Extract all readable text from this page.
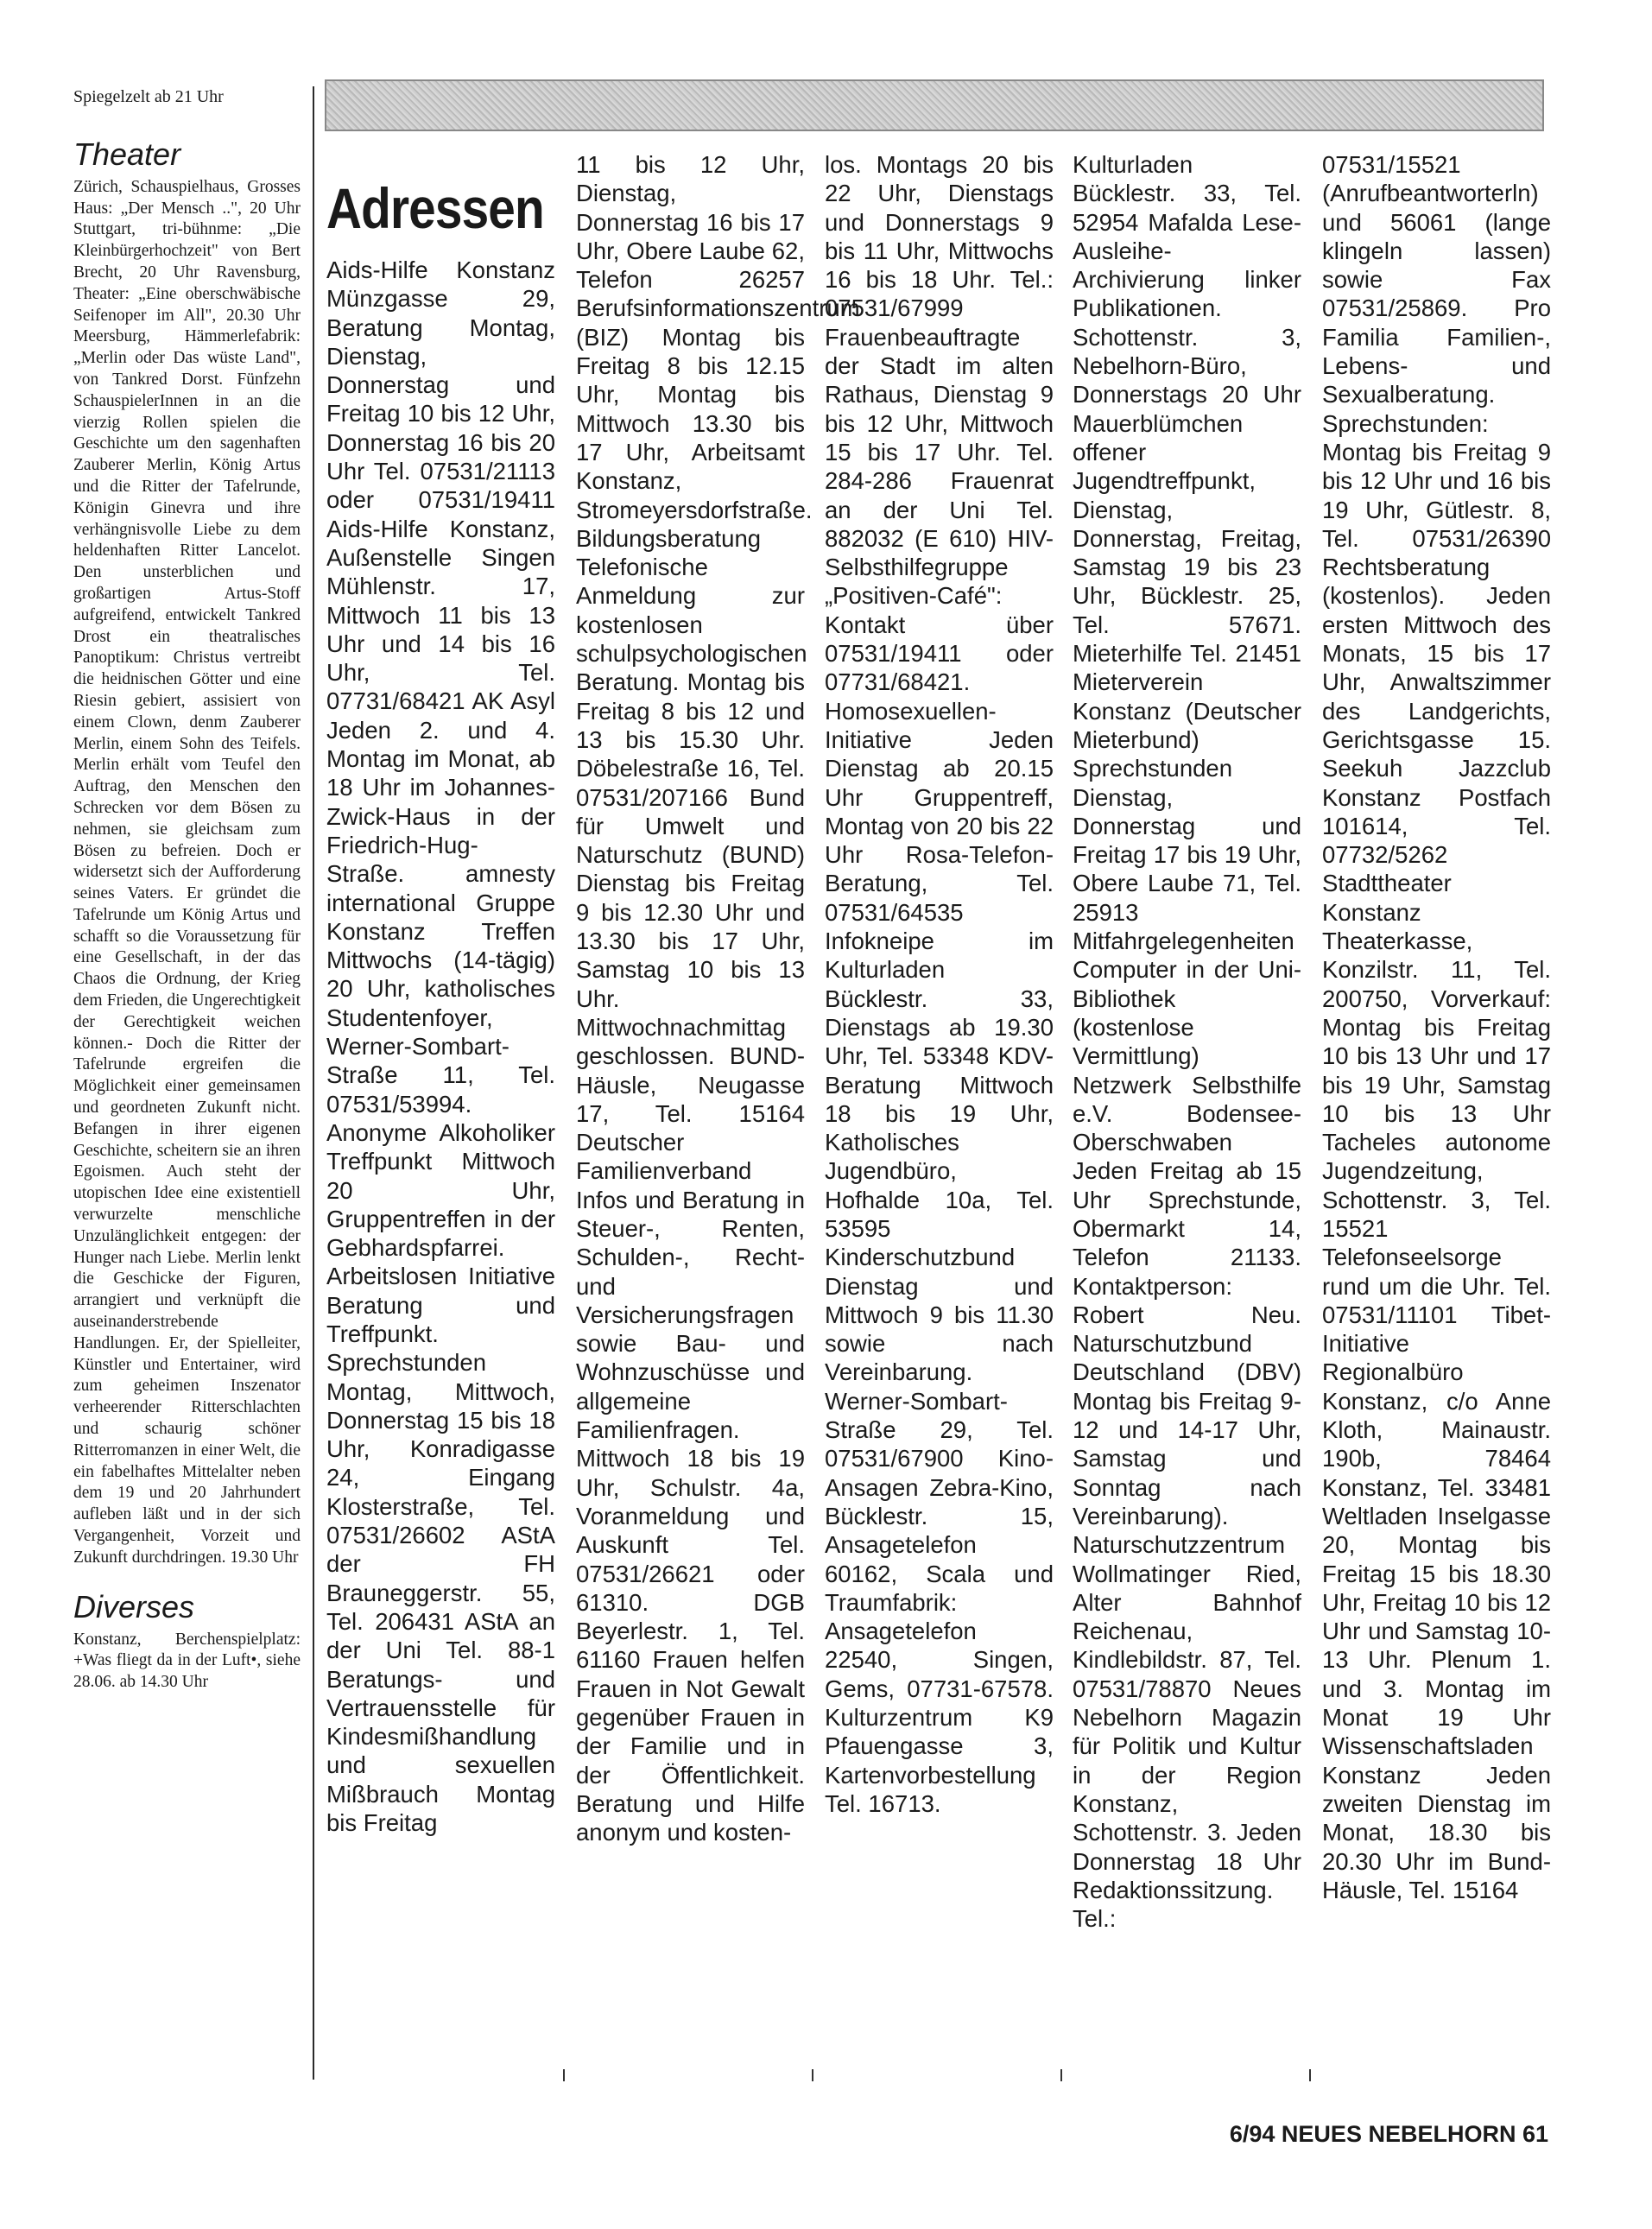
Spiegelzelt ab 21 Uhr
Theater

Zürich, Schauspielhaus, Grosses Haus: „Der Mensch ..", 20 Uhr Stuttgart, tri-bühnme: „Die Kleinbürgerhochzeit" von Bert Brecht, 20 Uhr Ravensburg, Theater: „Eine oberschwäbische Seifenoper im All", 20.30 Uhr Meersburg, Hämmerlefabrik: „Merlin oder Das wüste Land", von Tankred Dorst. Fünfzehn SchauspielerInnen in an die vierzig Rollen spielen die Geschichte um den sagenhaften Zauberer Merlin, König Artus und die Ritter der Tafelrunde, Königin Ginevra und ihre verhängnisvolle Liebe zu dem heldenhaften Ritter Lancelot. Den unsterblichen und großartigen Artus-Stoff aufgreifend, entwickelt Tankred Drost ein theatralisches Panoptikum: Christus vertreibt die heidnischen Götter und eine Riesin gebiert, assisiert von einem Clown, denm Zauberer Merlin, einem Sohn des Teifels. Merlin erhält vom Teufel den Auftrag, den Menschen den Schrecken vor dem Bösen zu nehmen, sie gleichsam zum Bösen zu befreien. Doch er widersetzt sich der Aufforderung seines Vaters. Er gründet die Tafelrunde um König Artus und schafft so die Voraussetzung für eine Gesellschaft, in der das Chaos die Ordnung, der Krieg dem Frieden, die Ungerechtigkeit der Gerechtigkeit weichen können.- Doch die Ritter der Tafelrunde ergreifen die Möglichkeit einer gemeinsamen und geordneten Zukunft nicht. Befangen in ihrer eigenen Geschichte, scheitern sie an ihren Egoismen. Auch steht der utopischen Idee eine existentiell verwurzelte menschliche Unzulänglichkeit entgegen: der Hunger nach Liebe. Merlin lenkt die Geschicke der Figuren, arrangiert und verknüpft die auseinanderstrebende Handlungen. Er, der Spielleiter, Künstler und Entertainer, wird zum geheimen Inszenator verheerender Ritterschlachten und schaurig schöner Ritterromanzen in einer Welt, die ein fabelhaftes Mittelalter neben dem 19 und 20 Jahrhundert aufleben läßt und in der sich Vergangenheit, Vorzeit und Zukunft durchdringen. 19.30 Uhr

Diverses

Konstanz, Berchenspielplatz: +Was fliegt da in der Luft•, siehe 28.06. ab 14.30 Uhr

Adressen

Aids-Hilfe Konstanz Münzgasse 29, Beratung Montag, Dienstag, Donnerstag und Freitag 10 bis 12 Uhr, Donnerstag 16 bis 20 Uhr Tel. 07531/21113 oder 07531/19411 Aids-Hilfe Konstanz, Außenstelle Singen Mühlenstr. 17, Mittwoch 11 bis 13 Uhr und 14 bis 16 Uhr, Tel. 07731/68421 AK Asyl Jeden 2. und 4. Montag im Monat, ab 18 Uhr im Johannes-Zwick-Haus in der Friedrich-Hug-Straße. amnesty international Gruppe Konstanz Treffen Mittwochs (14-tägig) 20 Uhr, katholisches Studentenfoyer, Werner-Sombart-Straße 11, Tel. 07531/53994. Anonyme Alkoholiker Treffpunkt Mittwoch 20 Uhr, Gruppentreffen in der Gebhardspfarrei. Arbeitslosen Initiative Beratung und Treffpunkt. Sprechstunden Montag, Mittwoch, Donnerstag 15 bis 18 Uhr, Konradigasse 24, Eingang Klosterstraße, Tel. 07531/26602 AStA der FH Brauneggerstr. 55, Tel. 206431 AStA an der Uni Tel. 88-1 Beratungs- und Vertrauensstelle für Kindesmißhandlung und sexuellen Mißbrauch Montag bis Freitag

11 bis 12 Uhr, Dienstag, Donnerstag 16 bis 17 Uhr, Obere Laube 62, Telefon 26257 Berufsinformationszentrum (BIZ) Montag bis Freitag 8 bis 12.15 Uhr, Montag bis Mittwoch 13.30 bis 17 Uhr, Arbeitsamt Konstanz, Stromeyersdorfstraße. Bildungsberatung Telefonische Anmeldung zur kostenlosen schulpsychologischen Beratung. Montag bis Freitag 8 bis 12 und 13 bis 15.30 Uhr. Döbelestraße 16, Tel. 07531/207166 Bund für Umwelt und Naturschutz (BUND) Dienstag bis Freitag 9 bis 12.30 Uhr und 13.30 bis 17 Uhr, Samstag 10 bis 13 Uhr. Mittwochnachmittag geschlossen. BUND-Häusle, Neugasse 17, Tel. 15164 Deutscher Familienverband Infos und Beratung in Steuer-, Renten, Schulden-, Recht- und Versicherungsfragen sowie Bau- und Wohnzuschüsse und allgemeine Familienfragen. Mittwoch 18 bis 19 Uhr, Schulstr. 4a, Voranmeldung und Auskunft Tel. 07531/26621 oder 61310. DGB Beyerlestr. 1, Tel. 61160 Frauen helfen Frauen in Not Gewalt gegenüber Frauen in der Familie und in der Öffentlichkeit. Beratung und Hilfe anonym und kosten-

los. Montags 20 bis 22 Uhr, Dienstags und Donnerstags 9 bis 11 Uhr, Mittwochs 16 bis 18 Uhr. Tel.: 07531/67999 Frauenbeauftragte der Stadt im alten Rathaus, Dienstag 9 bis 12 Uhr, Mittwoch 15 bis 17 Uhr. Tel. 284-286 Frauenrat an der Uni Tel. 882032 (E 610) HIV-Selbsthilfegruppe „Positiven-Café": Kontakt über 07531/19411 oder 07731/68421. Homosexuellen-Initiative Jeden Dienstag ab 20.15 Uhr Gruppentreff, Montag von 20 bis 22 Uhr Rosa-Telefon-Beratung, Tel. 07531/64535 Infokneipe im Kulturladen Bücklestr. 33, Dienstags ab 19.30 Uhr, Tel. 53348 KDV-Beratung Mittwoch 18 bis 19 Uhr, Katholisches Jugendbüro, Hofhalde 10a, Tel. 53595 Kinderschutzbund Dienstag und Mittwoch 9 bis 11.30 sowie nach Vereinbarung. Werner-Sombart-Straße 29, Tel. 07531/67900 Kino-Ansagen Zebra-Kino, Bücklestr. 15, Ansagetelefon 60162, Scala und Traumfabrik: Ansagetelefon 22540, Singen, Gems, 07731-67578. Kulturzentrum K9 Pfauengasse 3, Kartenvorbestellung Tel. 16713.

Kulturladen Bücklestr. 33, Tel. 52954 Mafalda Lese-Ausleihe-Archivierung linker Publikationen. Schottenstr. 3, Nebelhorn-Büro, Donnerstags 20 Uhr Mauerblümchen offener Jugendtreffpunkt, Dienstag, Donnerstag, Freitag, Samstag 19 bis 23 Uhr, Bücklestr. 25, Tel. 57671. Mieterhilfe Tel. 21451 Mieterverein Konstanz (Deutscher Mieterbund) Sprechstunden Dienstag, Donnerstag und Freitag 17 bis 19 Uhr, Obere Laube 71, Tel. 25913 Mitfahrgelegenheiten Computer in der Uni-Bibliothek (kostenlose Vermittlung) Netzwerk Selbsthilfe e.V. Bodensee-Oberschwaben Jeden Freitag ab 15 Uhr Sprechstunde, Obermarkt 14, Telefon 21133. Kontaktperson: Robert Neu. Naturschutzbund Deutschland (DBV) Montag bis Freitag 9-12 und 14-17 Uhr, Samstag und Sonntag nach Vereinbarung). Naturschutzzentrum Wollmatinger Ried, Alter Bahnhof Reichenau, Kindlebildstr. 87, Tel. 07531/78870 Neues Nebelhorn Magazin für Politik und Kultur in der Region Konstanz, Schottenstr. 3. Jeden Donnerstag 18 Uhr Redaktionssitzung. Tel.:

07531/15521 (Anrufbeantworterln) und 56061 (lange klingeln lassen) sowie Fax 07531/25869. Pro Familia Familien-, Lebens- und Sexualberatung. Sprechstunden: Montag bis Freitag 9 bis 12 Uhr und 16 bis 19 Uhr, Gütlestr. 8, Tel. 07531/26390 Rechtsberatung (kostenlos). Jeden ersten Mittwoch des Monats, 15 bis 17 Uhr, Anwaltszimmer des Landgerichts, Gerichtsgasse 15. Seekuh Jazzclub Konstanz Postfach 101614, Tel. 07732/5262 Stadttheater Konstanz Theaterkasse, Konzilstr. 11, Tel. 200750, Vorverkauf: Montag bis Freitag 10 bis 13 Uhr und 17 bis 19 Uhr, Samstag 10 bis 13 Uhr Tacheles autonome Jugendzeitung, Schottenstr. 3, Tel. 15521 Telefonseelsorge rund um die Uhr. Tel. 07531/11101 Tibet-Initiative Regionalbüro Konstanz, c/o Anne Kloth, Mainaustr. 190b, 78464 Konstanz, Tel. 33481 Weltladen Inselgasse 20, Montag bis Freitag 15 bis 18.30 Uhr, Freitag 10 bis 12 Uhr und Samstag 10-13 Uhr. Plenum 1. und 3. Montag im Monat 19 Uhr Wissenschaftsladen Konstanz Jeden zweiten Dienstag im Monat, 18.30 bis 20.30 Uhr im Bund-Häusle, Tel. 15164

6/94 NEUES NEBELHORN 61
